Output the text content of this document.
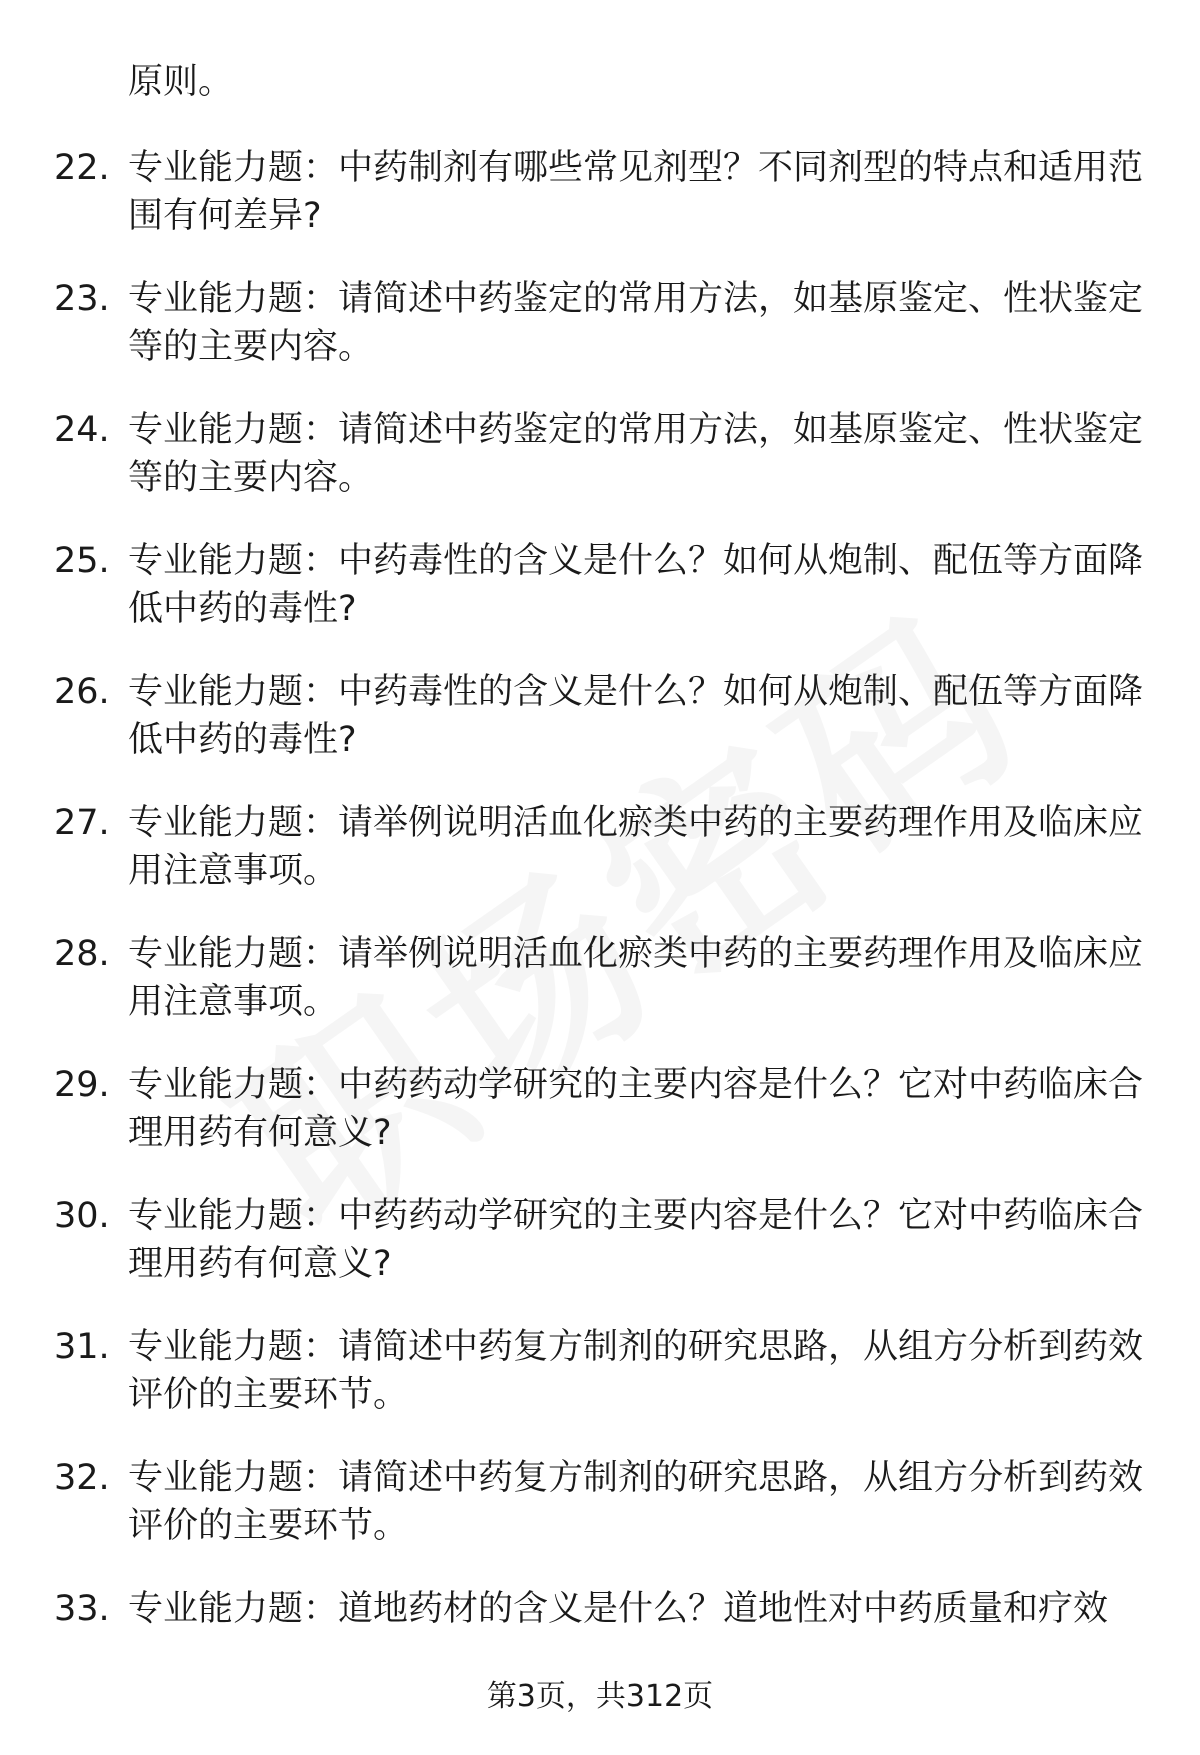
原则。

22. 专业能力题：中药制剂有哪些常见剂型？不同剂型的特点和适用范围有何差异?

23. 专业能力题：请简述中药鉴定的常用方法，如基原鉴定、性状鉴定等的主要内容。

24. 专业能力题：请简述中药鉴定的常用方法，如基原鉴定、性状鉴定等的主要内容。

25. 专业能力题：中药毒性的含义是什么？如何从炮制、配伍等方面降低中药的毒性?

26. 专业能力题：中药毒性的含义是什么？如何从炮制、配伍等方面降低中药的毒性?

27. 专业能力题：请举例说明活血化瘀类中药的主要药理作用及临床应用注意事项。

28. 专业能力题：请举例说明活血化瘀类中药的主要药理作用及临床应用注意事项。

29. 专业能力题：中药药动学研究的主要内容是什么？它对中药临床合理用药有何意义?

30. 专业能力题：中药药动学研究的主要内容是什么？它对中药临床合理用药有何意义?

31. 专业能力题：请简述中药复方制剂的研究思路，从组方分析到药效评价的主要环节。

32. 专业能力题：请简述中药复方制剂的研究思路，从组方分析到药效评价的主要环节。

33. 专业能力题：道地药材的含义是什么？道地性对中药质量和疗效

第3页，共312页
